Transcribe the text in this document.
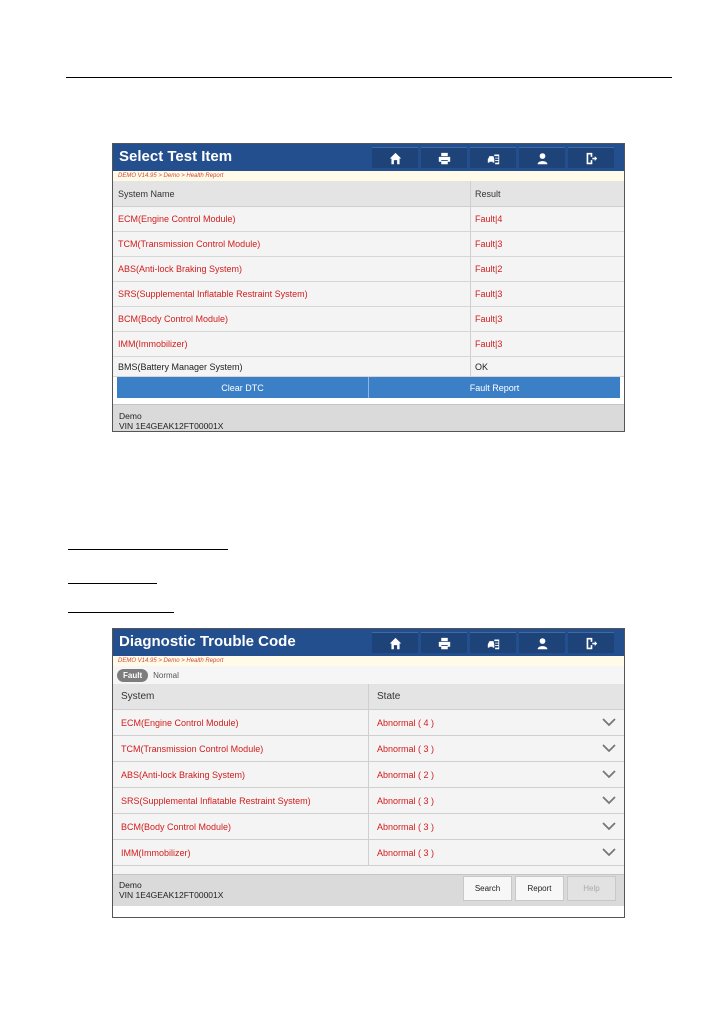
Select Test Item
DEMO V14.95 > Demo > Health Report
System Name	Result
ECM(Engine Control Module)	Fault|4
TCM(Transmission Control Module)	Fault|3
ABS(Anti-lock Braking System)	Fault|2
SRS(Supplemental Inflatable Restraint System)	Fault|3
BCM(Body Control Module)	Fault|3
IMM(Immobilizer)	Fault|3
BMS(Battery Manager System)	OK
Clear DTC	Fault Report
Demo
VIN 1E4GEAK12FT00001X
Diagnostic Trouble Code
DEMO V14.95 > Demo > Health Report
Fault	Normal
System	State
ECM(Engine Control Module)	Abnormal ( 4 )
TCM(Transmission Control Module)	Abnormal ( 3 )
ABS(Anti-lock Braking System)	Abnormal ( 2 )
SRS(Supplemental Inflatable Restraint System)	Abnormal ( 3 )
BCM(Body Control Module)	Abnormal ( 3 )
IMM(Immobilizer)	Abnormal ( 3 )
Demo
VIN 1E4GEAK12FT00001X
Search	Report	Help
